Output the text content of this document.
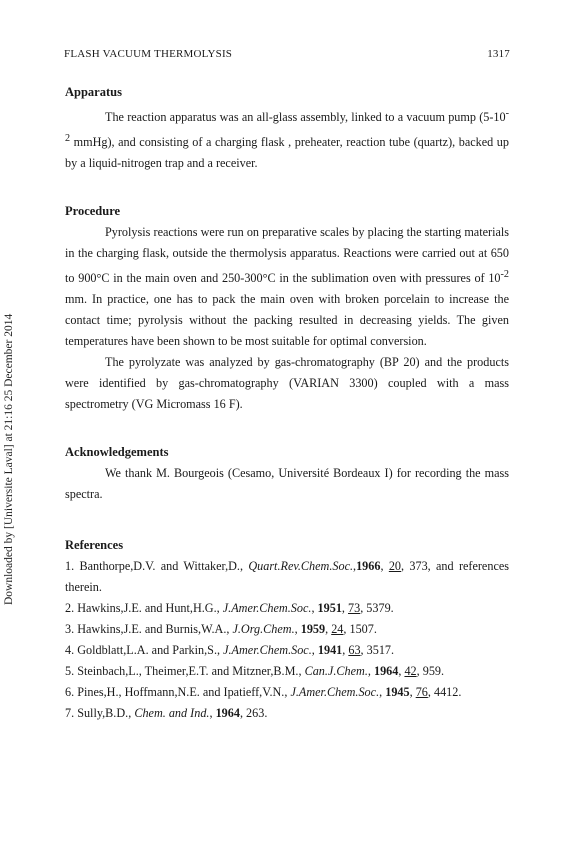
FLASH VACUUM THERMOLYSIS	1317
Downloaded by [Universite Laval] at 21:16 25 December 2014
Apparatus

The reaction apparatus was an all-glass assembly, linked to a vacuum pump ($5-10^{-2}$ mmHg), and consisting of a charging flask , preheater, reaction tube (quartz), backed up by a liquid-nitrogen trap and a receiver.

Procedure

Pyrolysis reactions were run on preparative scales by placing the starting materials in the charging flask, outside the thermolysis apparatus. Reactions were carried out at 650 to 900°C in the main oven and 250-300°C in the sublimation oven with pressures of $10^{-2}$ mm. In practice, one has to pack the main oven with broken porcelain to increase the contact time; pyrolysis without the packing resulted in decreasing yields. The given temperatures have been shown to be most suitable for optimal conversion.

The pyrolyzate was analyzed by gas-chromatography (BP 20) and the products were identified by gas-chromatography (VARIAN 3300) coupled with a mass spectrometry (VG Micromass 16 F).

Acknowledgements

We thank M. Bourgeois (Cesamo, Université Bordeaux I) for recording the mass spectra.

References
1. Banthorpe,D.V. and Wittaker,D., Quart.Rev.Chem.Soc.,1966, 20, 373, and references therein.
2. Hawkins,J.E. and Hunt,H.G., J.Amer.Chem.Soc., 1951, 73, 5379.
3. Hawkins,J.E. and Burnis,W.A., J.Org.Chem., 1959, 24, 1507.
4. Goldblatt,L.A. and Parkin,S., J.Amer.Chem.Soc., 1941, 63, 3517.
5. Steinbach,L., Theimer,E.T. and Mitzner,B.M., Can.J.Chem., 1964, 42, 959.
6. Pines,H., Hoffmann,N.E. and Ipatieff,V.N., J.Amer.Chem.Soc., 1945, 76, 4412.
7. Sully,B.D., Chem. and Ind., 1964, 263.
